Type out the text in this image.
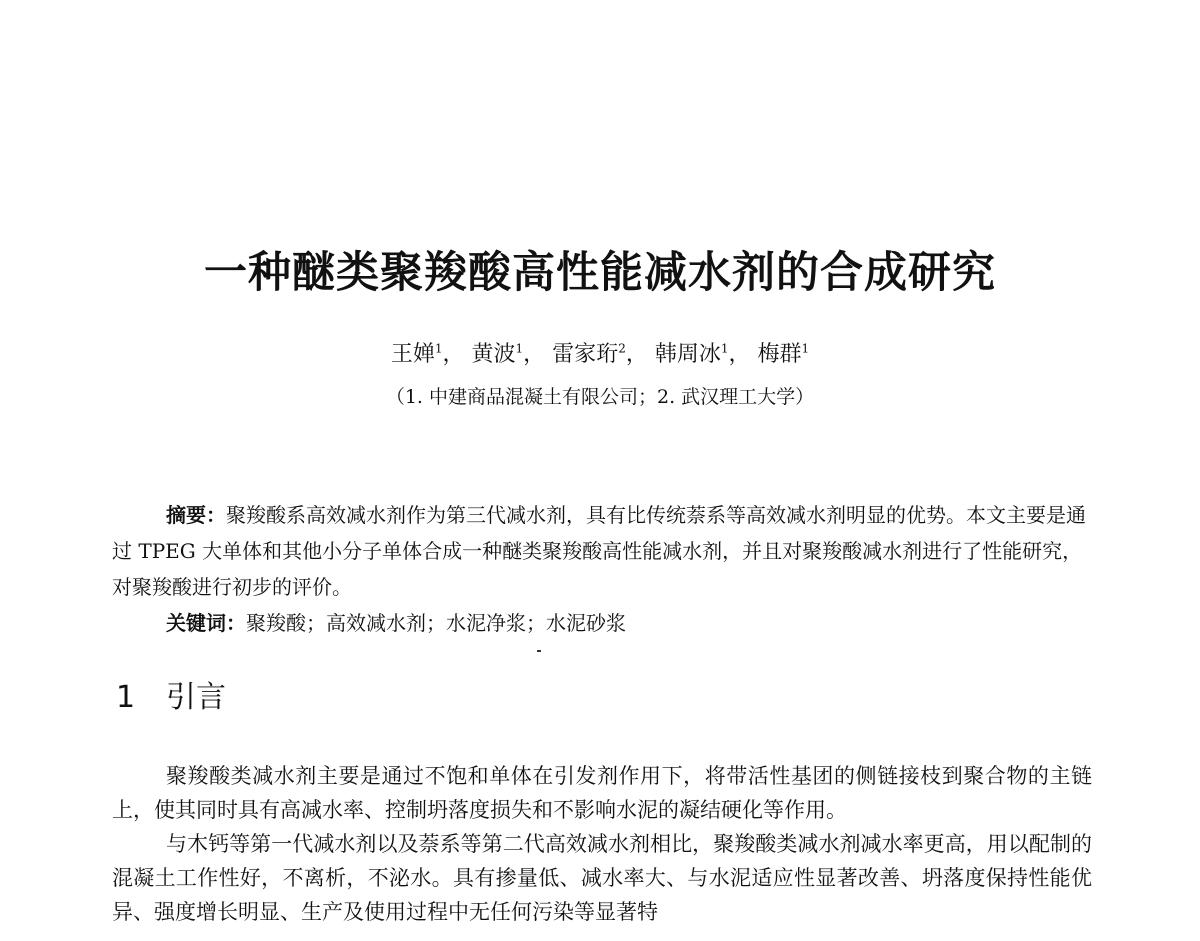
一种醚类聚羧酸高性能减水剂的合成研究
王婵$^1$， 黄波$^1$， 雷家珩$^2$， 韩周冰$^1$， 梅群$^1$
（1. 中建商品混凝土有限公司；2. 武汉理工大学）

摘要：聚羧酸系高效减水剂作为第三代减水剂，具有比传统萘系等高效减水剂明显的优势。本文主要是通过 TPEG 大单体和其他小分子单体合成一种醚类聚羧酸高性能减水剂，并且对聚羧酸减水剂进行了性能研究，对聚羧酸进行初步的评价。

关键词：聚羧酸；高效减水剂；水泥净浆；水泥砂浆

1 引言

聚羧酸类减水剂主要是通过不饱和单体在引发剂作用下，将带活性基团的侧链接枝到聚合物的主链上，使其同时具有高减水率、控制坍落度损失和不影响水泥的凝结硬化等作用。

与木钙等第一代减水剂以及萘系等第二代高效减水剂相比，聚羧酸类减水剂减水率更高，用以配制的混凝土工作性好，不离析，不泌水。具有掺量低、减水率大、与水泥适应性显著改善、坍落度保持性能优异、强度增长明显、生产及使用过程中无任何污染等显著特
